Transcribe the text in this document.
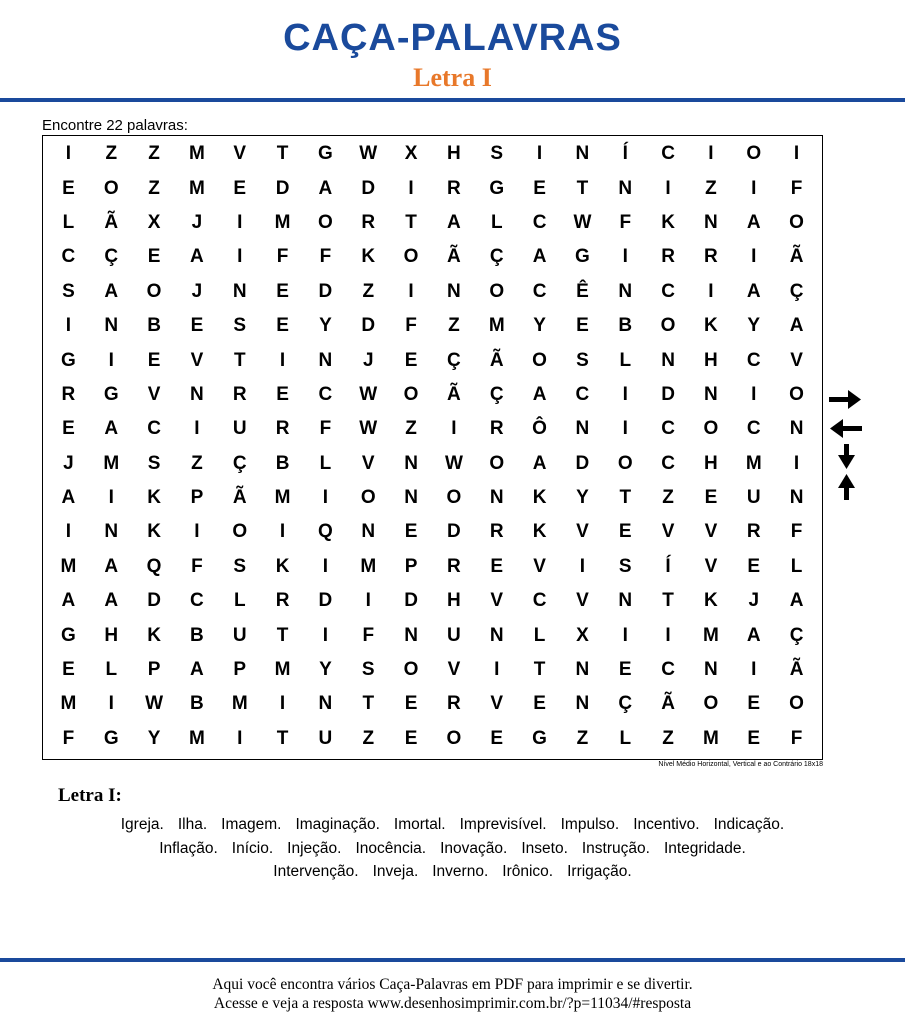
CAÇA-PALAVRAS
Letra I
Encontre 22 palavras:
I	Z	Z	M	V	T	G	W	X	H	S	I	N	Í	C	I	O	I
E	O	Z	M	E	D	A	D	I	R	G	E	T	N	I	Z	I	F
L	Ã	X	J	I	M	O	R	T	A	L	C	W	F	K	N	A	O
C	Ç	E	A	I	F	F	K	O	Ã	Ç	A	G	I	R	R	I	Ã
S	A	O	J	N	E	D	Z	I	N	O	C	Ê	N	C	I	A	Ç
I	N	B	E	S	E	Y	D	F	Z	M	Y	E	B	O	K	Y	A
G	I	E	V	T	I	N	J	E	Ç	Ã	O	S	L	N	H	C	V
R	G	V	N	R	E	C	W	O	Ã	Ç	A	C	I	D	N	I	O
E	A	C	I	U	R	F	W	Z	I	R	Ô	N	I	C	O	C	N
J	M	S	Z	Ç	B	L	V	N	W	O	A	D	O	C	H	M	I
A	I	K	P	Ã	M	I	O	N	O	N	K	Y	T	Z	E	U	N
I	N	K	I	O	I	Q	N	E	D	R	K	V	E	V	V	R	F
M	A	Q	F	S	K	I	M	P	R	E	V	I	S	Í	V	E	L
A	A	D	C	L	R	D	I	D	H	V	C	V	N	T	K	J	A
G	H	K	B	U	T	I	F	N	U	N	L	X	I	I	M	A	Ç
E	L	P	A	P	M	Y	S	O	V	I	T	N	E	C	N	I	Ã
M	I	W	B	M	I	N	T	E	R	V	E	N	Ç	Ã	O	E	O
F	G	Y	M	I	T	U	Z	E	O	E	G	Z	L	Z	M	E	F
Nível Médio Horizontal, Vertical e ao Contrário 18x18
Letra I:
Igreja. Ilha. Imagem. Imaginação. Imortal. Imprevisível. Impulso. Incentivo. Indicação.
Inflação. Início. Injeção. Inocência. Inovação. Inseto. Instrução. Integridade.
Intervenção. Inveja. Inverno. Irônico. Irrigação.
Aqui você encontra vários Caça-Palavras em PDF para imprimir e se divertir.
Acesse e veja a resposta www.desenhosimprimir.com.br/?p=11034/#resposta
